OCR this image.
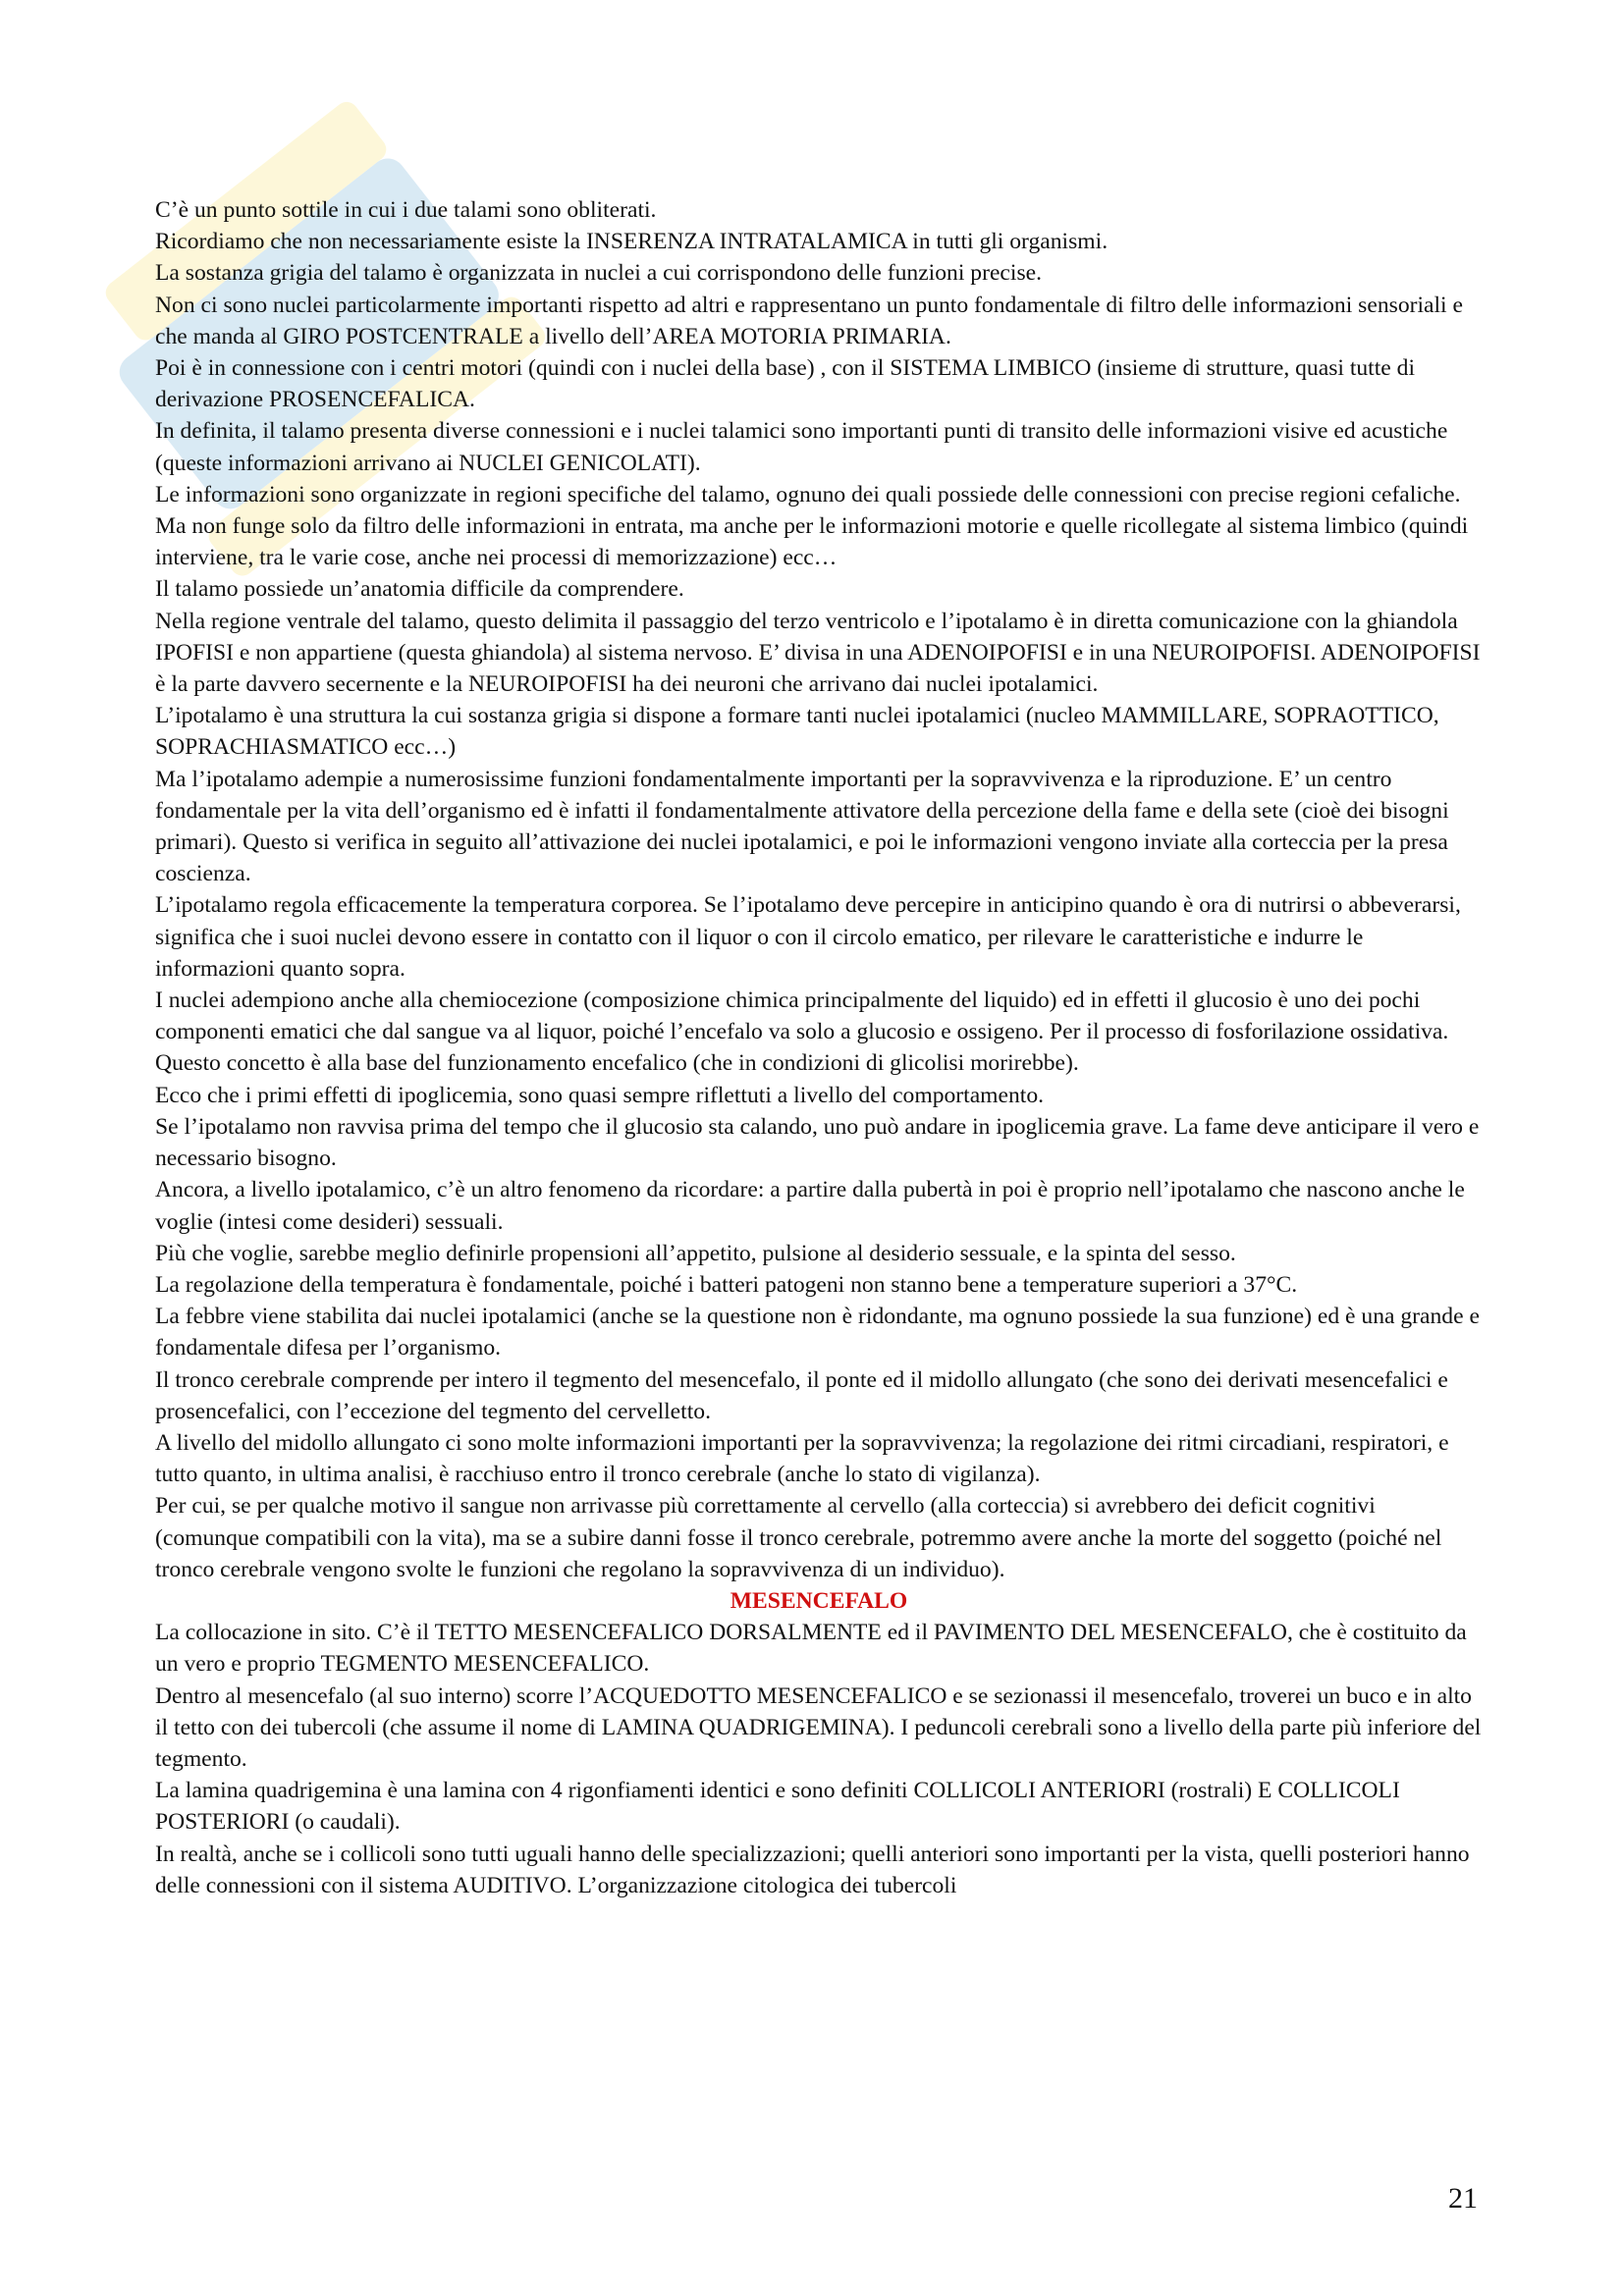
C’è un punto sottile in cui i due talami sono obliterati.

Ricordiamo che non necessariamente esiste la INSERENZA INTRATALAMICA in tutti gli organismi.

La sostanza grigia del talamo è organizzata in nuclei a cui corrispondono delle funzioni precise.

Non ci sono nuclei particolarmente importanti rispetto ad altri e rappresentano un punto fondamentale di filtro delle informazioni sensoriali e che manda al GIRO POSTCENTRALE a livello dell’AREA MOTORIA PRIMARIA.

Poi è in connessione con i centri motori (quindi con i nuclei della base) , con il SISTEMA LIMBICO (insieme di strutture, quasi tutte di derivazione PROSENCEFALICA.

In definita, il talamo presenta diverse connessioni e i nuclei talamici sono importanti punti di transito delle informazioni visive ed acustiche (queste informazioni arrivano ai NUCLEI GENICOLATI).

Le informazioni sono organizzate in regioni specifiche del talamo, ognuno dei quali possiede delle connessioni con precise regioni cefaliche.

Ma non funge solo da filtro delle informazioni in entrata, ma anche per le informazioni motorie e quelle ricollegate al sistema limbico (quindi interviene, tra le varie cose, anche nei processi di memorizzazione) ecc…

Il talamo possiede un’anatomia difficile da comprendere.

Nella regione ventrale del talamo, questo delimita il passaggio del terzo ventricolo e l’ipotalamo è in diretta comunicazione con la ghiandola IPOFISI e non appartiene (questa ghiandola) al sistema nervoso. E’ divisa in una ADENOIPOFISI e in una NEUROIPOFISI. ADENOIPOFISI è la parte davvero secernente e la NEUROIPOFISI ha dei neuroni che arrivano dai nuclei ipotalamici.

L’ipotalamo è una struttura la cui sostanza grigia si dispone a formare tanti nuclei ipotalamici (nucleo MAMMILLARE, SOPRAOTTICO, SOPRACHIASMATICO ecc…)

Ma l’ipotalamo adempie a numerosissime funzioni fondamentalmente importanti per la sopravvivenza e la riproduzione. E’ un centro fondamentale per la vita dell’organismo ed è infatti il fondamentalmente attivatore della percezione della fame e della sete (cioè dei bisogni primari). Questo si verifica in seguito all’attivazione dei nuclei ipotalamici, e poi le informazioni vengono inviate alla corteccia per la presa coscienza.

L’ipotalamo regola efficacemente la temperatura corporea. Se l’ipotalamo deve percepire in anticipino quando è ora di nutrirsi o abbeverarsi, significa che i suoi nuclei devono essere in contatto con il liquor o con il circolo ematico, per rilevare le caratteristiche e indurre le informazioni quanto sopra.

I nuclei adempiono anche alla chemiocezione (composizione chimica principalmente del liquido) ed in effetti il glucosio è uno dei pochi componenti ematici che dal sangue va al liquor, poiché l’encefalo va solo a glucosio e ossigeno. Per il processo di fosforilazione ossidativa. Questo concetto è alla base del funzionamento encefalico (che in condizioni di glicolisi morirebbe).

Ecco che i primi effetti di ipoglicemia, sono quasi sempre riflettuti a livello del comportamento.

Se l’ipotalamo non ravvisa prima del tempo che il glucosio sta calando, uno può andare in ipoglicemia grave. La fame deve anticipare il vero e necessario bisogno.

Ancora, a livello ipotalamico, c’è un altro fenomeno da ricordare: a partire dalla pubertà in poi è proprio nell’ipotalamo che nascono anche le voglie (intesi come desideri) sessuali.

Più che voglie, sarebbe meglio definirle propensioni all’appetito, pulsione al desiderio sessuale, e la spinta del sesso.

La regolazione della temperatura è fondamentale, poiché i batteri patogeni non stanno bene a temperature superiori a 37°C.

La febbre viene stabilita dai nuclei ipotalamici (anche se la questione non è ridondante, ma ognuno possiede la sua funzione) ed è una grande e fondamentale difesa per l’organismo.

Il tronco cerebrale comprende per intero il tegmento del mesencefalo, il ponte ed il midollo allungato (che sono dei derivati mesencefalici e prosencefalici, con l’eccezione del tegmento del cervelletto.

A livello del midollo allungato ci sono molte informazioni importanti per la sopravvivenza; la regolazione dei ritmi circadiani, respiratori, e tutto quanto, in ultima analisi, è racchiuso entro il tronco cerebrale (anche lo stato di vigilanza).

Per cui, se per qualche motivo il sangue non arrivasse più correttamente al cervello (alla corteccia) si avrebbero dei deficit cognitivi (comunque compatibili con la vita), ma se a subire danni fosse il tronco cerebrale, potremmo avere anche la morte del soggetto (poiché nel tronco cerebrale vengono svolte le funzioni che regolano la sopravvivenza di un individuo).

MESENCEFALO

La collocazione in sito. C’è il TETTO MESENCEFALICO DORSALMENTE ed il PAVIMENTO DEL MESENCEFALO, che è costituito da un vero e proprio TEGMENTO MESENCEFALICO.

Dentro al mesencefalo (al suo interno) scorre l’ACQUEDOTTO MESENCEFALICO e se sezionassi il mesencefalo, troverei un buco e in alto il tetto con dei tubercoli (che assume il nome di LAMINA QUADRIGEMINA). I peduncoli cerebrali sono a livello della parte più inferiore del tegmento.

La lamina quadrigemina è una lamina con 4 rigonfiamenti identici e sono definiti COLLICOLI ANTERIORI (rostrali) E COLLICOLI POSTERIORI (o caudali).

In realtà, anche se i collicoli sono tutti uguali hanno delle specializzazioni; quelli anteriori sono importanti per la vista, quelli posteriori hanno delle connessioni con il sistema AUDITIVO. L’organizzazione citologica dei tubercoli

21
